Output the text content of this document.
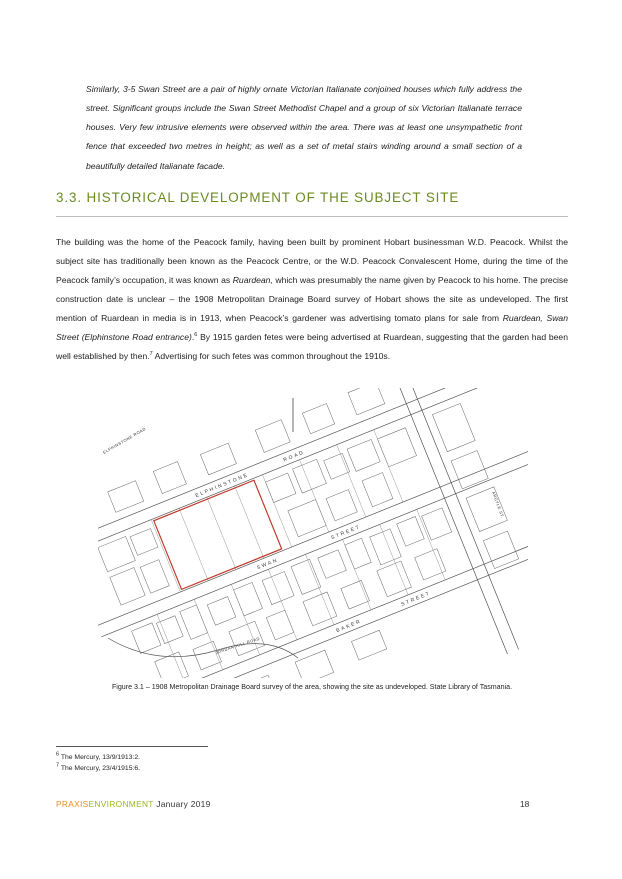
Similarly, 3-5 Swan Street are a pair of highly ornate Victorian Italianate conjoined houses which fully address the street. Significant groups include the Swan Street Methodist Chapel and a group of six Victorian Italianate terrace houses. Very few intrusive elements were observed within the area. There was at least one unsympathetic front fence that exceeded two metres in height; as well as a set of metal stairs winding around a small section of a beautifully detailed Italianate facade.

3.3. HISTORICAL DEVELOPMENT OF THE SUBJECT SITE

The building was the home of the Peacock family, having been built by prominent Hobart businessman W.D. Peacock. Whilst the subject site has traditionally been known as the Peacock Centre, or the W.D. Peacock Convalescent Home, during the time of the Peacock family’s occupation, it was known as Ruardean, which was presumably the name given by Peacock to his home. The precise construction date is unclear – the 1908 Metropolitan Drainage Board survey of Hobart shows the site as undeveloped. The first mention of Ruardean in media is in 1913, when Peacock’s gardener was advertising tomato plans for sale from Ruardean, Swan Street (Elphinstone Road entrance).$^6$ By 1915 garden fetes were being advertised at Ruardean, suggesting that the garden had been well established by then.$^7$ Advertising for such fetes was common throughout the 1910s.

ELPHINSTONE
ROAD
SWAN
STREET
BAKER
STREET
ELPHINSTONE ROAD
JORDAN HILL ROAD
ARGYLE ST.
Figure 3.1 – 1908 Metropolitan Drainage Board survey of the area, showing the site as undeveloped. State Library of Tasmania.
$^6$ The Mercury, 13/9/1913:2.
$^7$ The Mercury, 23/4/1915:6.
PRAXISENVIRONMENT January 2019	18
